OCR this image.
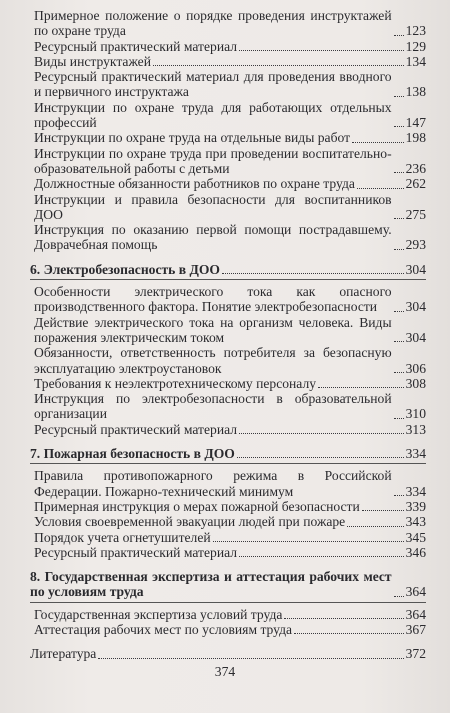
Примерное положение о порядке проведения инструктажей по охране труда	123
Ресурсный практический материал	129
Виды инструктажей	134
Ресурсный практический материал для проведения вводного и первичного инструктажа	138
Инструкции по охране труда для работающих отдельных профессий	147
Инструкции по охране труда на отдельные виды работ	198
Инструкции по охране труда при проведении воспитательно-образовательной работы с детьми	236
Должностные обязанности работников по охране труда	262
Инструкции и правила безопасности для воспитанников ДОО	275
Инструкция по оказанию первой помощи пострадавшему. Доврачебная помощь	293
6. Электробезопасность в ДОО	304
Особенности электрического тока как опасного производственного фактора. Понятие электробезопасности	304
Действие электрического тока на организм человека. Виды поражения электрическим током	304
Обязанности, ответственность потребителя за безопасную эксплуатацию электроустановок	306
Требования к неэлектротехническому персоналу	308
Инструкция по электробезопасности в образовательной организации	310
Ресурсный практический материал	313
7. Пожарная безопасность в ДОО	334
Правила противопожарного режима в Российской Федерации. Пожарно-технический минимум	334
Примерная инструкция о мерах пожарной безопасности	339
Условия своевременной эвакуации людей при пожаре	343
Порядок учета огнетушителей	345
Ресурсный практический материал	346
8. Государственная экспертиза и аттестация рабочих мест по условиям труда	364
Государственная экспертиза условий труда	364
Аттестация рабочих мест по условиям труда	367
Литература	372
374
